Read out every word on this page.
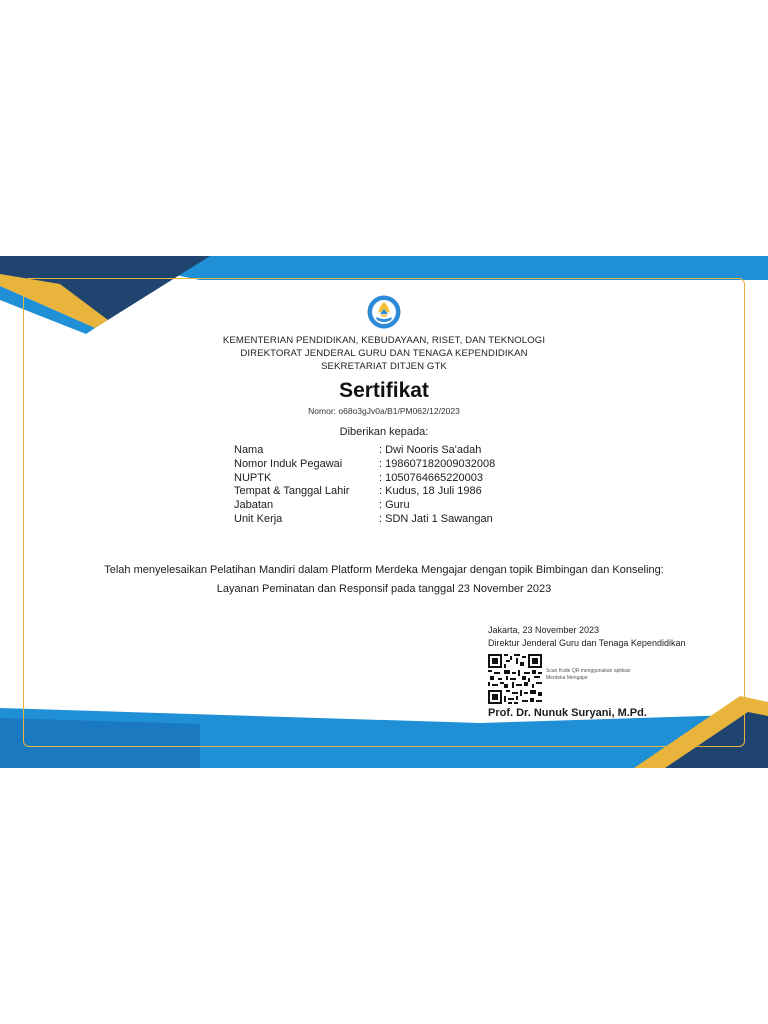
KEMENTERIAN PENDIDIKAN, KEBUDAYAAN, RISET, DAN TEKNOLOGI
DIREKTORAT JENDERAL GURU DAN TENAGA KEPENDIDIKAN
SEKRETARIAT DITJEN GTK
Sertifikat
Nomor: o68o3gJv0a/B1/PM062/12/2023
Diberikan kepada:
Nama	: Dwi Nooris Sa'adah
Nomor Induk Pegawai	: 198607182009032008
NUPTK	: 1050764665220003
Tempat & Tanggal Lahir	: Kudus, 18 Juli 1986
Jabatan	: Guru
Unit Kerja	: SDN Jati 1 Sawangan
Telah menyelesaikan Pelatihan Mandiri dalam Platform Merdeka Mengajar dengan topik Bimbingan dan Konseling:
Layanan Peminatan dan Responsif pada tanggal 23 November 2023
Jakarta, 23 November 2023
Direktur Jenderal Guru dan Tenaga Kependidikan
Scan Kode QR menggunakan aplikasi Merdeka Mengajar
Prof. Dr. Nunuk Suryani, M.Pd.
